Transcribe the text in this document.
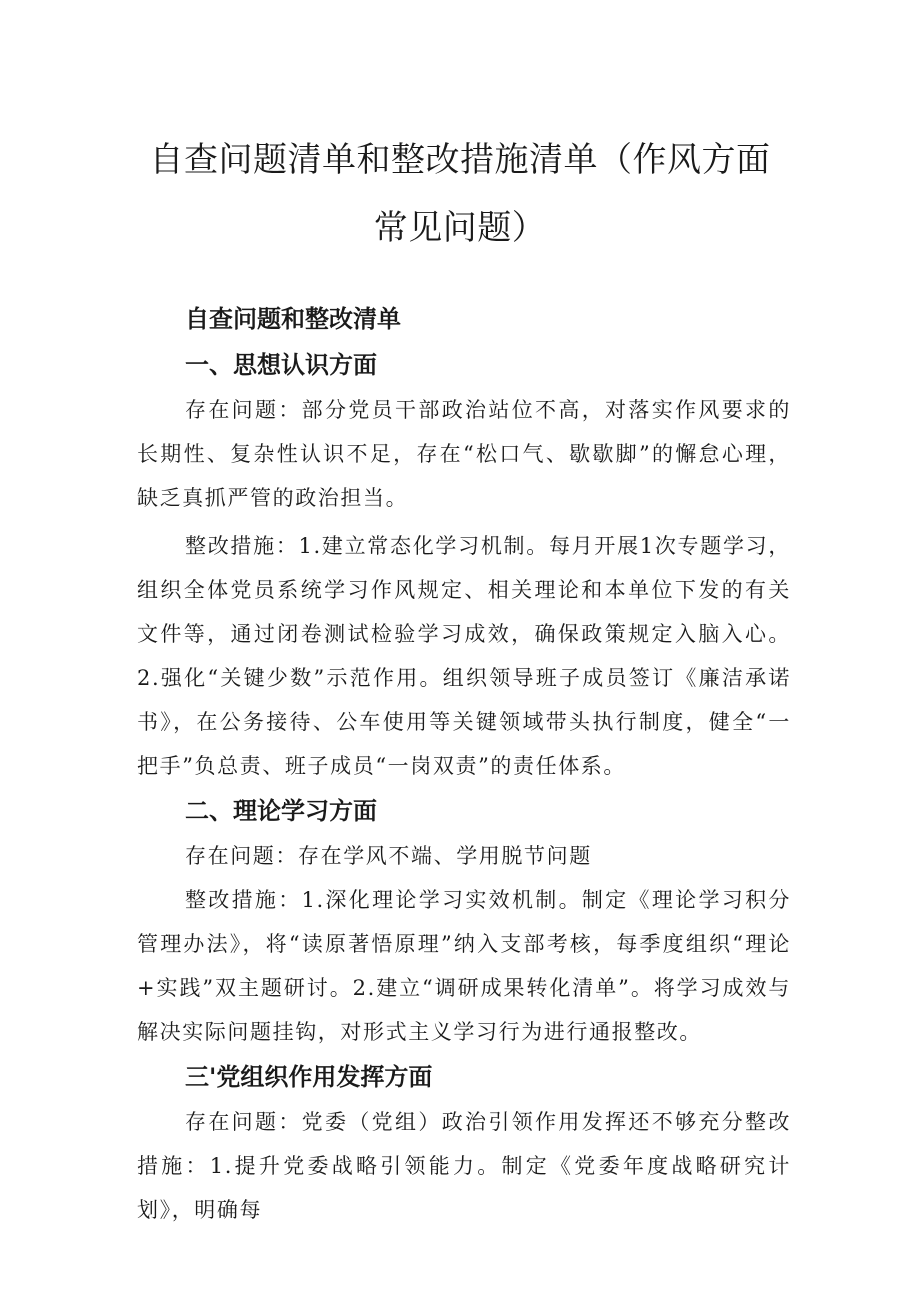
自查问题清单和整改措施清单（作风方面
常见问题）
自查问题和整改清单
一、思想认识方面

存在问题：部分党员干部政治站位不高，对落实作风要求的长期性、复杂性认识不足，存在“松口气、歇歇脚”的懈怠心理，缺乏真抓严管的政治担当。

整改措施：1.建立常态化学习机制。每月开展1次专题学习，组织全体党员系统学习作风规定、相关理论和本单位下发的有关文件等，通过闭卷测试检验学习成效，确保政策规定入脑入心。2.强化“关键少数”示范作用。组织领导班子成员签订《廉洁承诺书》，在公务接待、公车使用等关键领域带头执行制度，健全“一把手”负总责、班子成员“一岗双责”的责任体系。

二、理论学习方面

存在问题：存在学风不端、学用脱节问题

整改措施：1.深化理论学习实效机制。制定《理论学习积分管理办法》，将“读原著悟原理”纳入支部考核，每季度组织“理论+实践”双主题研讨。2.建立“调研成果转化清单”。将学习成效与解决实际问题挂钩，对形式主义学习行为进行通报整改。

三'党组织作用发挥方面

存在问题：党委（党组）政治引领作用发挥还不够充分整改措施：1.提升党委战略引领能力。制定《党委年度战略研究计划》，明确每
